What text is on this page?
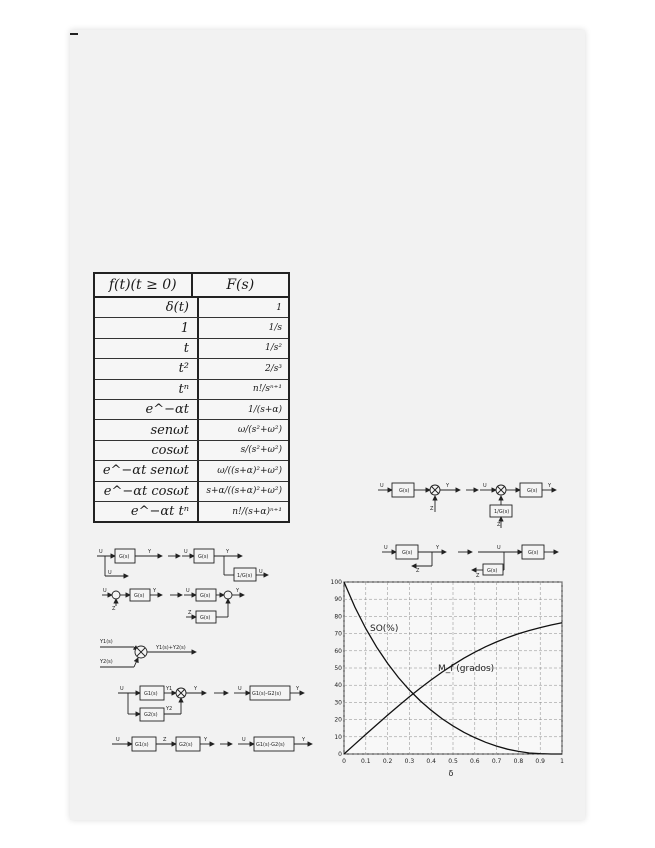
f(t)(t ≥ 0)	F(s)
δ(t)	1
1	1/s
t	1/s²
t²	2/s³
tⁿ	n!/sⁿ⁺¹
e^−αt	1/(s+α)
senωt	ω/(s²+ω²)
cosωt	s/(s²+ω²)
e^−αt senωt	ω/((s+α)²+ω²)
e^−αt cosωt	s+α/((s+α)²+ω²)
e^−αt tⁿ	n!/(s+α)ⁿ⁺¹
U
G(s)
Y
Z
U
G(s)
Y
1/G(s)
Z
U
G(s)
Y
Z
U
G(s)
G(s)
Z
U
G(s)
Y
U
U
G(s)
Y
1/G(s)
U
U
G(s)
Y
Z
U
G(s)
Y
G(s)
Z
Y1(s)
Y2(s)
Y1(s)+Y2(s)
U
G1(s)
Y1
G2(s)
Y2
Y	U
G1(s)-G2(s)
Y
U
G1(s)
Z
G2(s)
Y	U
G1(s)·G2(s)
Y
0	0.1 0.2 0.3 0.4 0.5 0.6 0.7 0.8 0.9	1
0
10
20
30
40
50
60
70
80
90
100
SO(%)
M_f (grados)
δ
